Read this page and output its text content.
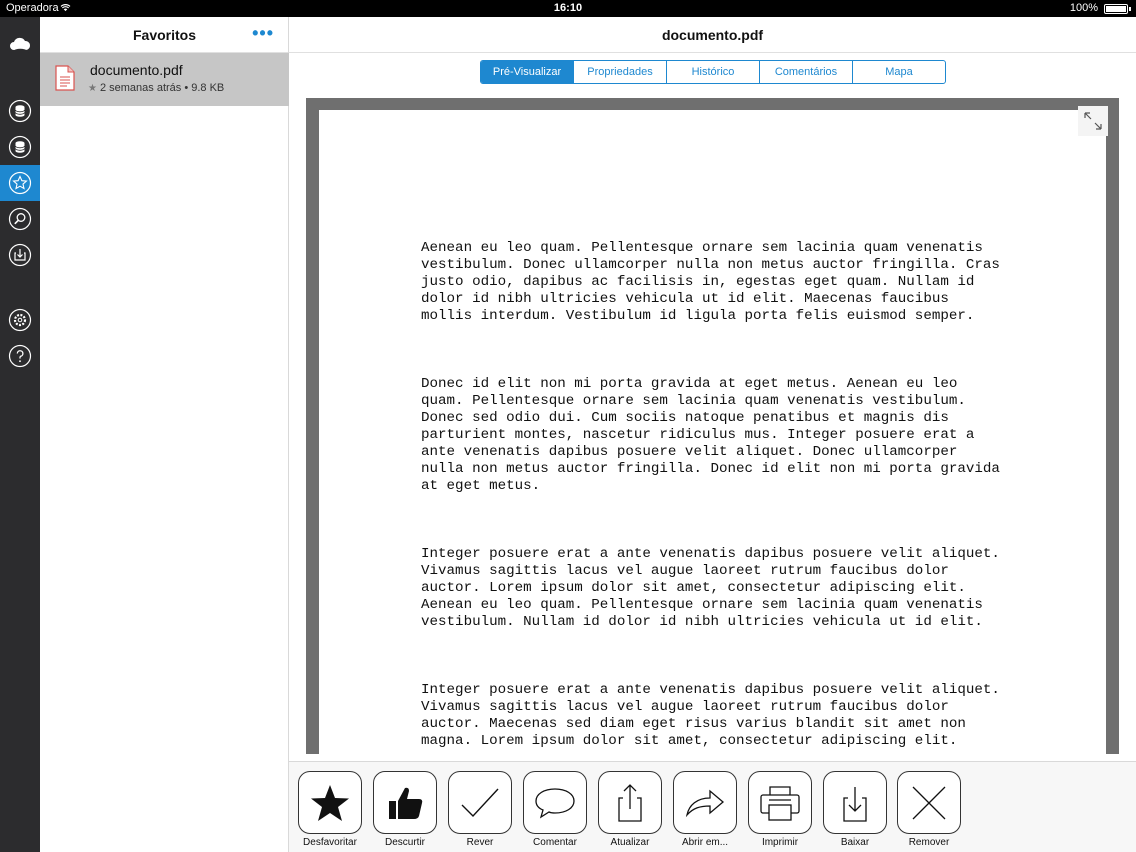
Operadora	16:10	100%
Favoritos	•••
documento.pdf
★ 2 semanas atrás • 9.8 KB
documento.pdf
Pré-Visualizar	Propriedades	Histórico	Comentários	Mapa

Aenean eu leo quam. Pellentesque ornare sem lacinia quam venenatis
vestibulum. Donec ullamcorper nulla non metus auctor fringilla. Cras
justo odio, dapibus ac facilisis in, egestas eget quam. Nullam id
dolor id nibh ultricies vehicula ut id elit. Maecenas faucibus
mollis interdum. Vestibulum id ligula porta felis euismod semper.

Donec id elit non mi porta gravida at eget metus. Aenean eu leo
quam. Pellentesque ornare sem lacinia quam venenatis vestibulum.
Donec sed odio dui. Cum sociis natoque penatibus et magnis dis
parturient montes, nascetur ridiculus mus. Integer posuere erat a
ante venenatis dapibus posuere velit aliquet. Donec ullamcorper
nulla non metus auctor fringilla. Donec id elit non mi porta gravida
at eget metus.

Integer posuere erat a ante venenatis dapibus posuere velit aliquet.
Vivamus sagittis lacus vel augue laoreet rutrum faucibus dolor
auctor. Lorem ipsum dolor sit amet, consectetur adipiscing elit.
Aenean eu leo quam. Pellentesque ornare sem lacinia quam venenatis
vestibulum. Nullam id dolor id nibh ultricies vehicula ut id elit.

Integer posuere erat a ante venenatis dapibus posuere velit aliquet.
Vivamus sagittis lacus vel augue laoreet rutrum faucibus dolor
auctor. Maecenas sed diam eget risus varius blandit sit amet non
magna. Lorem ipsum dolor sit amet, consectetur adipiscing elit.

Desfavoritar	Descurtir	Rever	Comentar	Atualizar	Abrir em...	Imprimir	Baixar	Remover
